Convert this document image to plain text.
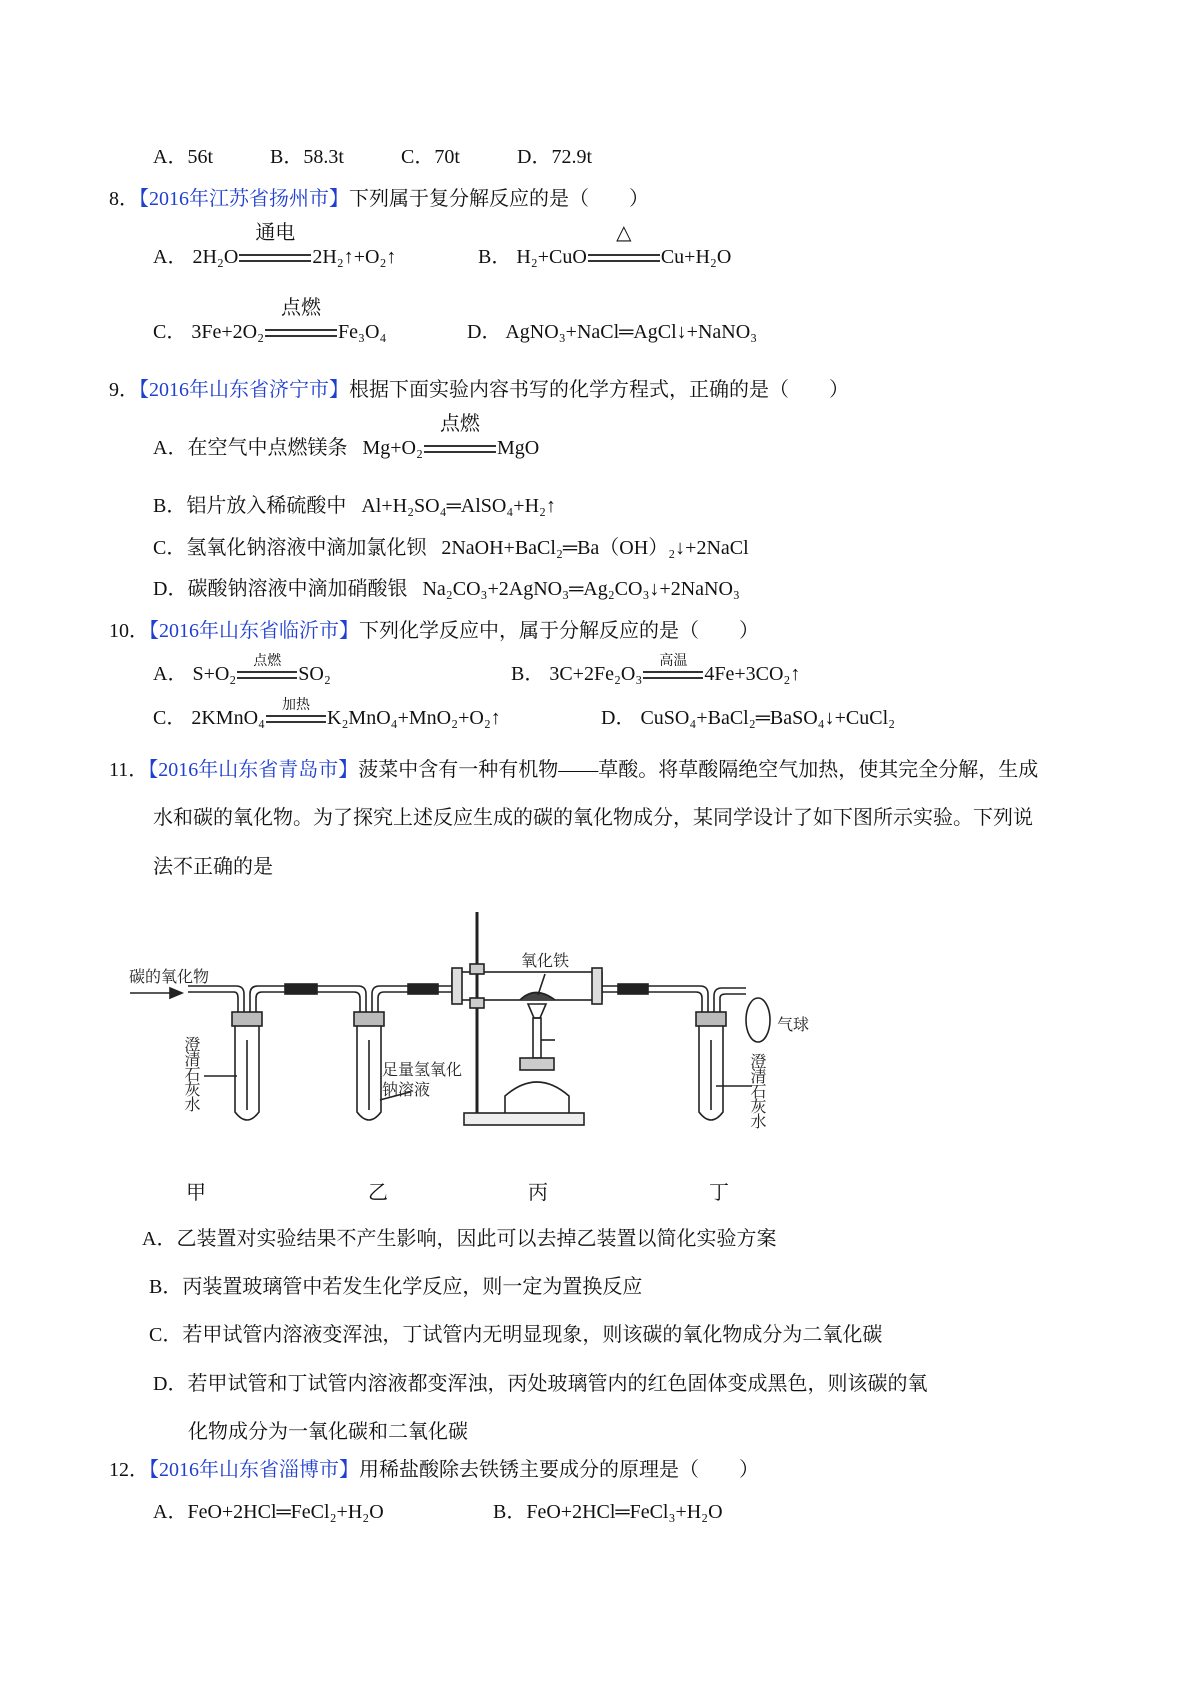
A．56t	B．58.3t	C．70t	D．72.9t
8．【2016年江苏省扬州市】下列属于复分解反应的是（　　）
A． 2H₂O
通电
2H₂↑+O₂↑	B． H₂+CuO
△
Cu+H₂O
C． 3Fe+2O₂
点燃
Fe₃O₄	D． AgNO₃+NaCl═AgCl↓+NaNO₃
9．【2016年山东省济宁市】根据下面实验内容书写的化学方程式，正确的是（　　）
A．在空气中点燃镁条 Mg+O₂
点燃
MgO
B．铝片放入稀硫酸中 Al+H₂SO₄═AlSO₄+H₂↑
C．氢氧化钠溶液中滴加氯化钡 2NaOH+BaCl₂═Ba（OH）₂↓+2NaCl
D．碳酸钠溶液中滴加硝酸银 Na₂CO₃+2AgNO₃═Ag₂CO₃↓+2NaNO₃
10．【2016年山东省临沂市】下列化学反应中，属于分解反应的是（　　）
A． S+O₂
点燃
SO₂	B． 3C+2Fe₂O₃
高温
4Fe+3CO₂↑
C． 2KMnO₄
加热
K₂MnO₄+MnO₂+O₂↑	D． CuSO₄+BaCl₂═BaSO₄↓+CuCl₂
11．【2016年山东省青岛市】菠菜中含有一种有机物——草酸。将草酸隔绝空气加热，使其完全分解，生成
水和碳的氧化物。为了探究上述反应生成的碳的氧化物成分，某同学设计了如下图所示实验。下列说
法不正确的是
碳的氧化物
氧化铁
气球
澄清石灰水	足量氢氧化钠溶液	澄清石灰水
甲	乙	丙	丁
A．乙装置对实验结果不产生影响，因此可以去掉乙装置以简化实验方案
B．丙装置玻璃管中若发生化学反应，则一定为置换反应
C．若甲试管内溶液变浑浊，丁试管内无明显现象，则该碳的氧化物成分为二氧化碳
D．若甲试管和丁试管内溶液都变浑浊，丙处玻璃管内的红色固体变成黑色，则该碳的氧
化物成分为一氧化碳和二氧化碳
12．【2016年山东省淄博市】用稀盐酸除去铁锈主要成分的原理是（　　）
A．FeO+2HCl═FeCl₂+H₂O	B．FeO+2HCl═FeCl₃+H₂O
